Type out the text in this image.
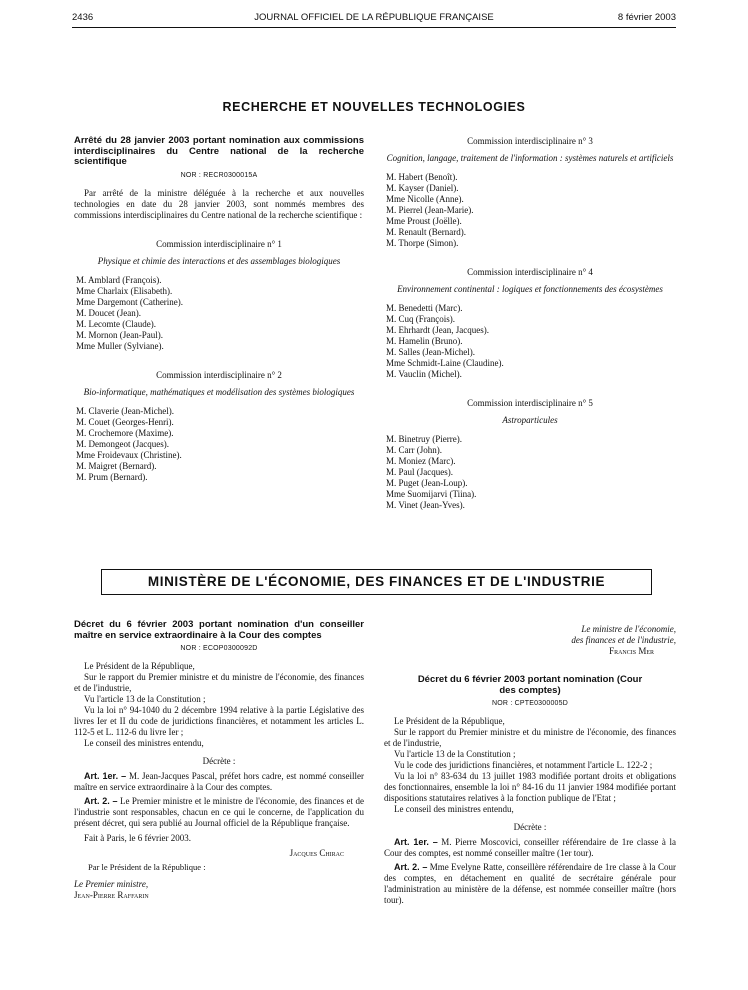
2436	JOURNAL OFFICIEL DE LA RÉPUBLIQUE FRANÇAISE	8 février 2003
RECHERCHE ET NOUVELLES TECHNOLOGIES

Arrêté du 28 janvier 2003 portant nomination aux commissions interdisciplinaires du Centre national de la recherche scientifique

NOR : RECR0300015A

Par arrêté de la ministre déléguée à la recherche et aux nouvelles technologies en date du 28 janvier 2003, sont nommés membres des commissions interdisciplinaires du Centre national de la recherche scientifique :

Commission interdisciplinaire n° 1

Physique et chimie des interactions et des assemblages biologiques

M. Amblard (François).

Mme Charlaix (Elisabeth).

Mme Dargemont (Catherine).

M. Doucet (Jean).

M. Lecomte (Claude).

M. Mornon (Jean-Paul).

Mme Muller (Sylviane).

Commission interdisciplinaire n° 2

Bio-informatique, mathématiques et modélisation des systèmes biologiques

M. Claverie (Jean-Michel).

M. Couet (Georges-Henri).

M. Crochemore (Maxime).

M. Demongeot (Jacques).

Mme Froidevaux (Christine).

M. Maigret (Bernard).

M. Prum (Bernard).

Commission interdisciplinaire n° 3

Cognition, langage, traitement de l'information : systèmes naturels et artificiels

M. Habert (Benoît).

M. Kayser (Daniel).

Mme Nicolle (Anne).

M. Pierrel (Jean-Marie).

Mme Proust (Joëlle).

M. Renault (Bernard).

M. Thorpe (Simon).

Commission interdisciplinaire n° 4

Environnement continental : logiques et fonctionnements des écosystèmes

M. Benedetti (Marc).

M. Cuq (François).

M. Ehrhardt (Jean, Jacques).

M. Hamelin (Bruno).

M. Salles (Jean-Michel).

Mme Schmidt-Laine (Claudine).

M. Vauclin (Michel).

Commission interdisciplinaire n° 5

Astroparticules

M. Binetruy (Pierre).

M. Carr (John).

M. Moniez (Marc).

M. Paul (Jacques).

M. Puget (Jean-Loup).

Mme Suomijarvi (Tiina).

M. Vinet (Jean-Yves).

MINISTÈRE DE L'ÉCONOMIE, DES FINANCES ET DE L'INDUSTRIE

Décret du 6 février 2003 portant nomination d'un conseiller maître en service extraordinaire à la Cour des comptes

NOR : ECOP0300092D

Le Président de la République,

Sur le rapport du Premier ministre et du ministre de l'économie, des finances et de l'industrie,

Vu l'article 13 de la Constitution ;

Vu la loi n° 94-1040 du 2 décembre 1994 relative à la partie Législative des livres Ier et II du code de juridictions financières, et notamment les articles L. 112-5 et L. 112-6 du livre Ier ;

Le conseil des ministres entendu,

Décrète :

Art. 1er. – M. Jean-Jacques Pascal, préfet hors cadre, est nommé conseiller maître en service extraordinaire à la Cour des comptes.

Art. 2. – Le Premier ministre et le ministre de l'économie, des finances et de l'industrie sont responsables, chacun en ce qui le concerne, de l'application du présent décret, qui sera publié au Journal officiel de la République française.

Fait à Paris, le 6 février 2003.

Jacques Chirac

Par le Président de la République :

Le Premier ministre,

Jean-Pierre Raffarin

Le ministre de l'économie,

des finances et de l'industrie,

Francis Mer

Décret du 6 février 2003 portant nomination (Cour des comptes)

NOR : CPTE0300005D

Le Président de la République,

Sur le rapport du Premier ministre et du ministre de l'économie, des finances et de l'industrie,

Vu l'article 13 de la Constitution ;

Vu le code des juridictions financières, et notamment l'article L. 122-2 ;

Vu la loi n° 83-634 du 13 juillet 1983 modifiée portant droits et obligations des fonctionnaires, ensemble la loi n° 84-16 du 11 janvier 1984 modifiée portant dispositions statutaires relatives à la fonction publique de l'Etat ;

Le conseil des ministres entendu,

Décrète :

Art. 1er. – M. Pierre Moscovici, conseiller référendaire de 1re classe à la Cour des comptes, est nommé conseiller maître (1er tour).

Art. 2. – Mme Evelyne Ratte, conseillère référendaire de 1re classe à la Cour des comptes, en détachement en qualité de secrétaire générale pour l'administration au ministère de la défense, est nommée conseiller maître (hors tour).
